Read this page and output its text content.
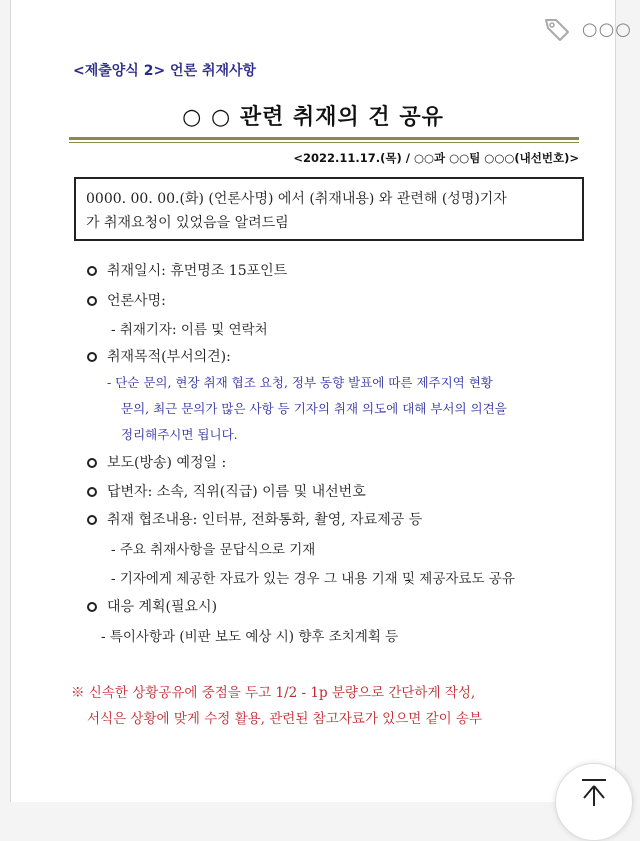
<제출양식 2> 언론 취재사항
○ ○ 관련 취재의 건 공유
<2022.11.17.(목) / ○○과 ○○팀 ○○○(내선번호)>
0000. 00. 00.(화) (언론사명) 에서 (취재내용) 와 관련해 (성명)기자
가 취재요청이 있었음을 알려드림
취재일시: 휴먼명조 15포인트
언론사명:
- 취재기자: 이름 및 연락처
취재목적(부서의견):
- 단순 문의, 현장 취재 협조 요청, 정부 동향 발표에 따른 제주지역 현황
문의, 최근 문의가 많은 사항 등 기자의 취재 의도에 대해 부서의 의견을
정리해주시면 됩니다.
보도(방송) 예정일 :
답변자: 소속, 직위(직급) 이름 및 내선번호
취재 협조내용: 인터뷰, 전화통화, 촬영, 자료제공 등
- 주요 취재사항을 문답식으로 기재
- 기자에게 제공한 자료가 있는 경우 그 내용 기재 및 제공자료도 공유
대응 계획(필요시)
- 특이사항과 (비판 보도 예상 시) 향후 조치계획 등
※ 신속한 상황공유에 중점을 두고 1/2 - 1p 분량으로 간단하게 작성,
서식은 상황에 맞게 수정 활용, 관련된 참고자료가 있으면 같이 송부
○○○
